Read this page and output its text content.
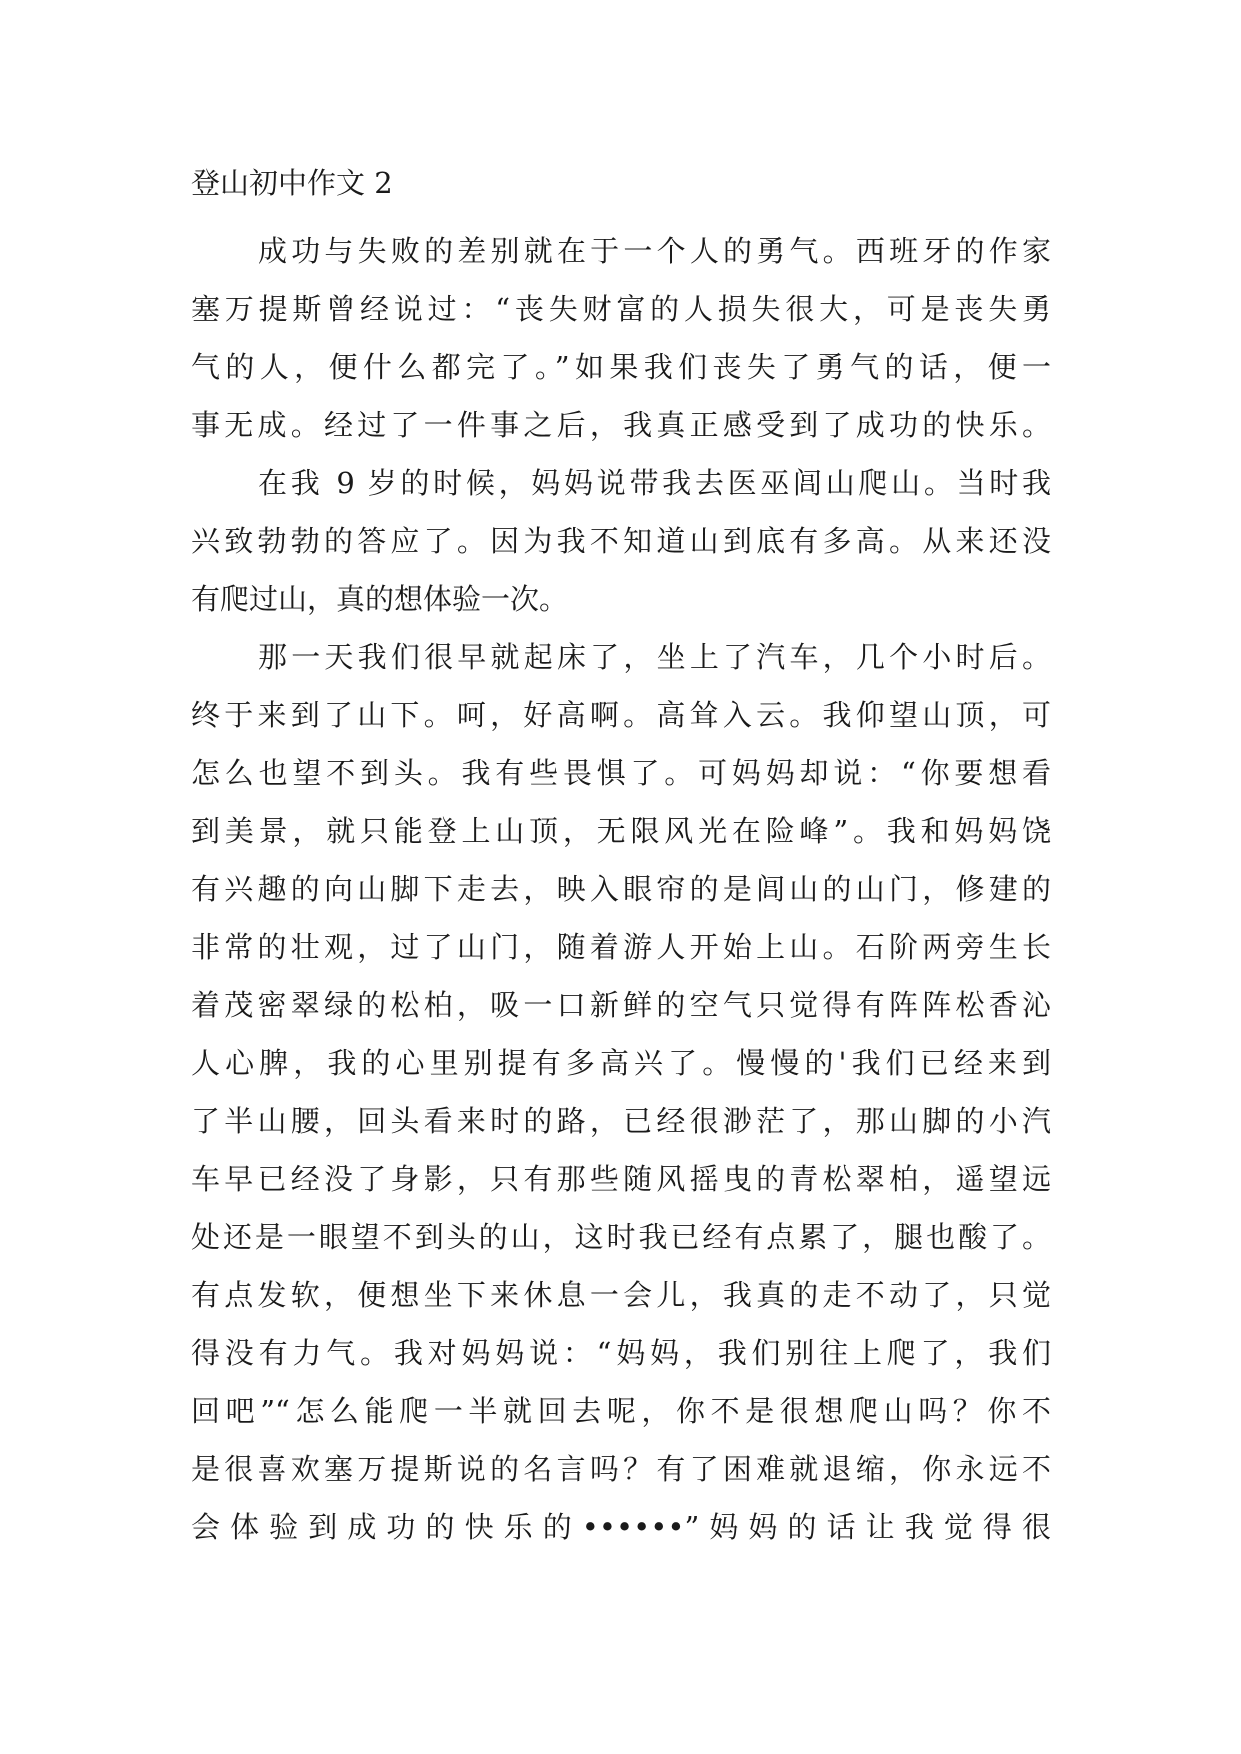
登山初中作文 2
成功与失败的差别就在于一个人的勇气。西班牙的作家
塞万提斯曾经说过：“丧失财富的人损失很大，可是丧失勇
气的人，便什么都完了。”如果我们丧失了勇气的话，便一
事无成。经过了一件事之后，我真正感受到了成功的快乐。
在我 9 岁的时候，妈妈说带我去医巫闾山爬山。当时我
兴致勃勃的答应了。因为我不知道山到底有多高。从来还没
有爬过山，真的想体验一次。
那一天我们很早就起床了，坐上了汽车，几个小时后。
终于来到了山下。呵，好高啊。高耸入云。我仰望山顶，可
怎么也望不到头。我有些畏惧了。可妈妈却说：“你要想看
到美景，就只能登上山顶，无限风光在险峰”。我和妈妈饶
有兴趣的向山脚下走去，映入眼帘的是闾山的山门，修建的
非常的壮观，过了山门，随着游人开始上山。石阶两旁生长
着茂密翠绿的松柏，吸一口新鲜的空气只觉得有阵阵松香沁
人心脾，我的心里别提有多高兴了。慢慢的'我们已经来到
了半山腰，回头看来时的路，已经很渺茫了，那山脚的小汽
车早已经没了身影，只有那些随风摇曳的青松翠柏，遥望远
处还是一眼望不到头的山，这时我已经有点累了，腿也酸了。
有点发软，便想坐下来休息一会儿，我真的走不动了，只觉
得没有力气。我对妈妈说：“妈妈，我们别往上爬了，我们
回吧”“怎么能爬一半就回去呢，你不是很想爬山吗？你不
是很喜欢塞万提斯说的名言吗？有了困难就退缩，你永远不
会体验到成功的快乐的••••••”妈妈的话让我觉得很
